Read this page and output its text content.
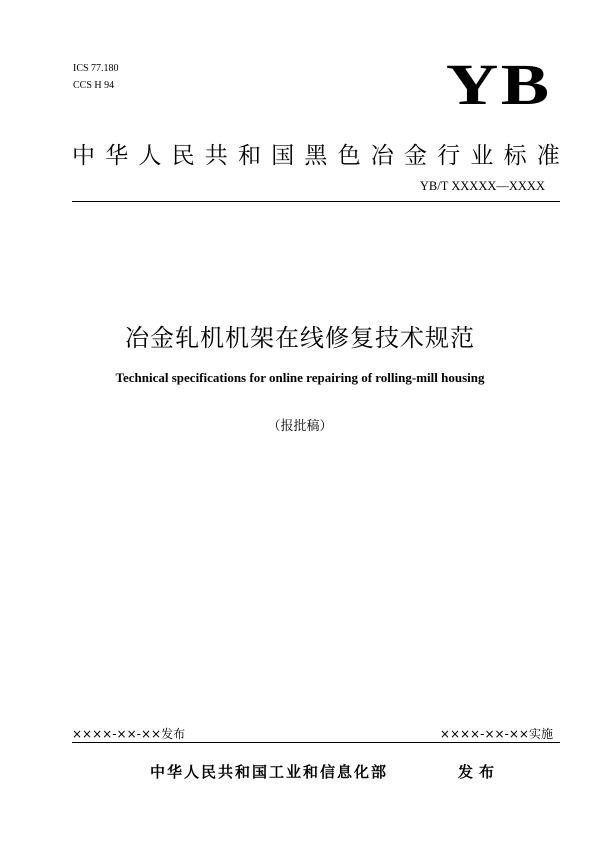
ICS 77.180
CCS H 94	YB
中华人民共和国黑色冶金行业标准
YB/T XXXXX—XXXX
冶金轧机机架在线修复技术规范
Technical specifications for online repairing of rolling-mill housing
（报批稿）
××××-××-××发布	××××-××-××实施
中华人民共和国工业和信息化部	发布
